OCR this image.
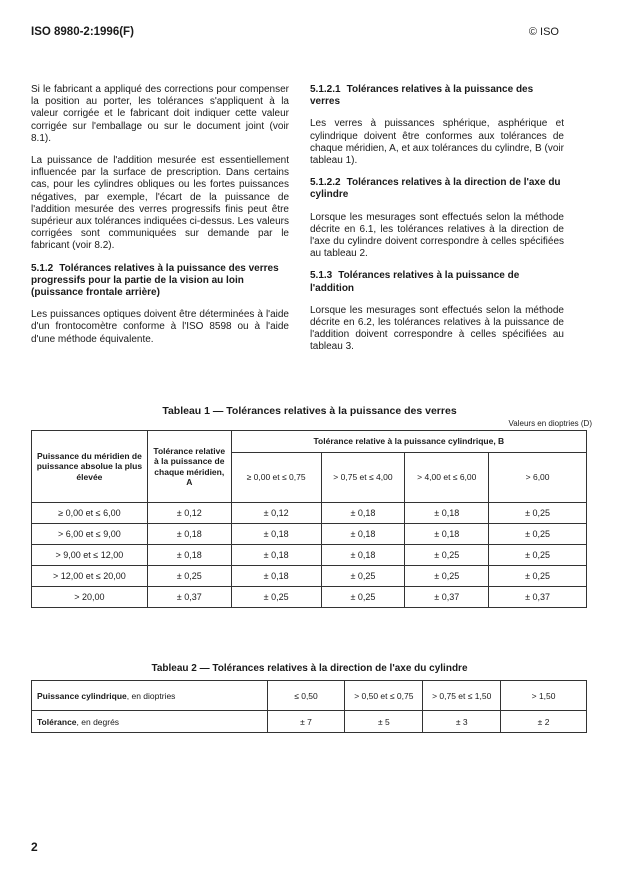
ISO 8980-2:1996(F)	© ISO

Si le fabricant a appliqué des corrections pour compenser la position au porter, les tolérances s'appliquent à la valeur corrigée et le fabricant doit indiquer cette valeur corrigée sur l'emballage ou sur le document joint (voir 8.1).

La puissance de l'addition mesurée est essentiellement influencée par la surface de prescription. Dans certains cas, pour les cylindres obliques ou les fortes puissances négatives, par exemple, l'écart de la puissance de l'addition mesurée des verres progressifs finis peut être supérieur aux tolérances indiquées ci-dessus. Les valeurs corrigées sont communiquées sur demande par le fabricant (voir 8.2).

5.1.2 Tolérances relatives à la puissance des verres progressifs pour la partie de la vision au loin (puissance frontale arrière)

Les puissances optiques doivent être déterminées à l'aide d'un frontocomètre conforme à l'ISO 8598 ou à l'aide d'une méthode équivalente.

5.1.2.1 Tolérances relatives à la puissance des verres

Les verres à puissances sphérique, asphérique et cylindrique doivent être conformes aux tolérances de chaque méridien, A, et aux tolérances du cylindre, B (voir tableau 1).

5.1.2.2 Tolérances relatives à la direction de l'axe du cylindre

Lorsque les mesurages sont effectués selon la méthode décrite en 6.1, les tolérances relatives à la direction de l'axe du cylindre doivent correspondre à celles spécifiées au tableau 2.

5.1.3 Tolérances relatives à la puissance de l'addition

Lorsque les mesurages sont effectués selon la méthode décrite en 6.2, les tolérances relatives à la puissance de l'addition doivent correspondre à celles spécifiées au tableau 3.

Tableau 1 — Tolérances relatives à la puissance des verres
Valeurs en dioptries (D)
Puissance du méridien de puissance absolue la plus élevée	Tolérance relative à la puissance de chaque méridien, A	Tolérance relative à la puissance cylindrique, B			
		≥ 0,00 et ≤ 0,75	> 0,75 et ≤ 4,00	> 4,00 et ≤ 6,00	> 6,00
≥ 0,00 et ≤ 6,00	± 0,12	± 0,12	± 0,18	± 0,18	± 0,25
> 6,00 et ≤ 9,00	± 0,18	± 0,18	± 0,18	± 0,18	± 0,25
> 9,00 et ≤ 12,00	± 0,18	± 0,18	± 0,18	± 0,25	± 0,25
> 12,00 et ≤ 20,00	± 0,25	± 0,18	± 0,25	± 0,25	± 0,25
> 20,00	± 0,37	± 0,25	± 0,25	± 0,37	± 0,37
Tableau 2 — Tolérances relatives à la direction de l'axe du cylindre
Puissance cylindrique, en dioptries	≤ 0,50	> 0,50 et ≤ 0,75	> 0,75 et ≤ 1,50	> 1,50
Tolérance, en degrés	± 7	± 5	± 3	± 2
2
